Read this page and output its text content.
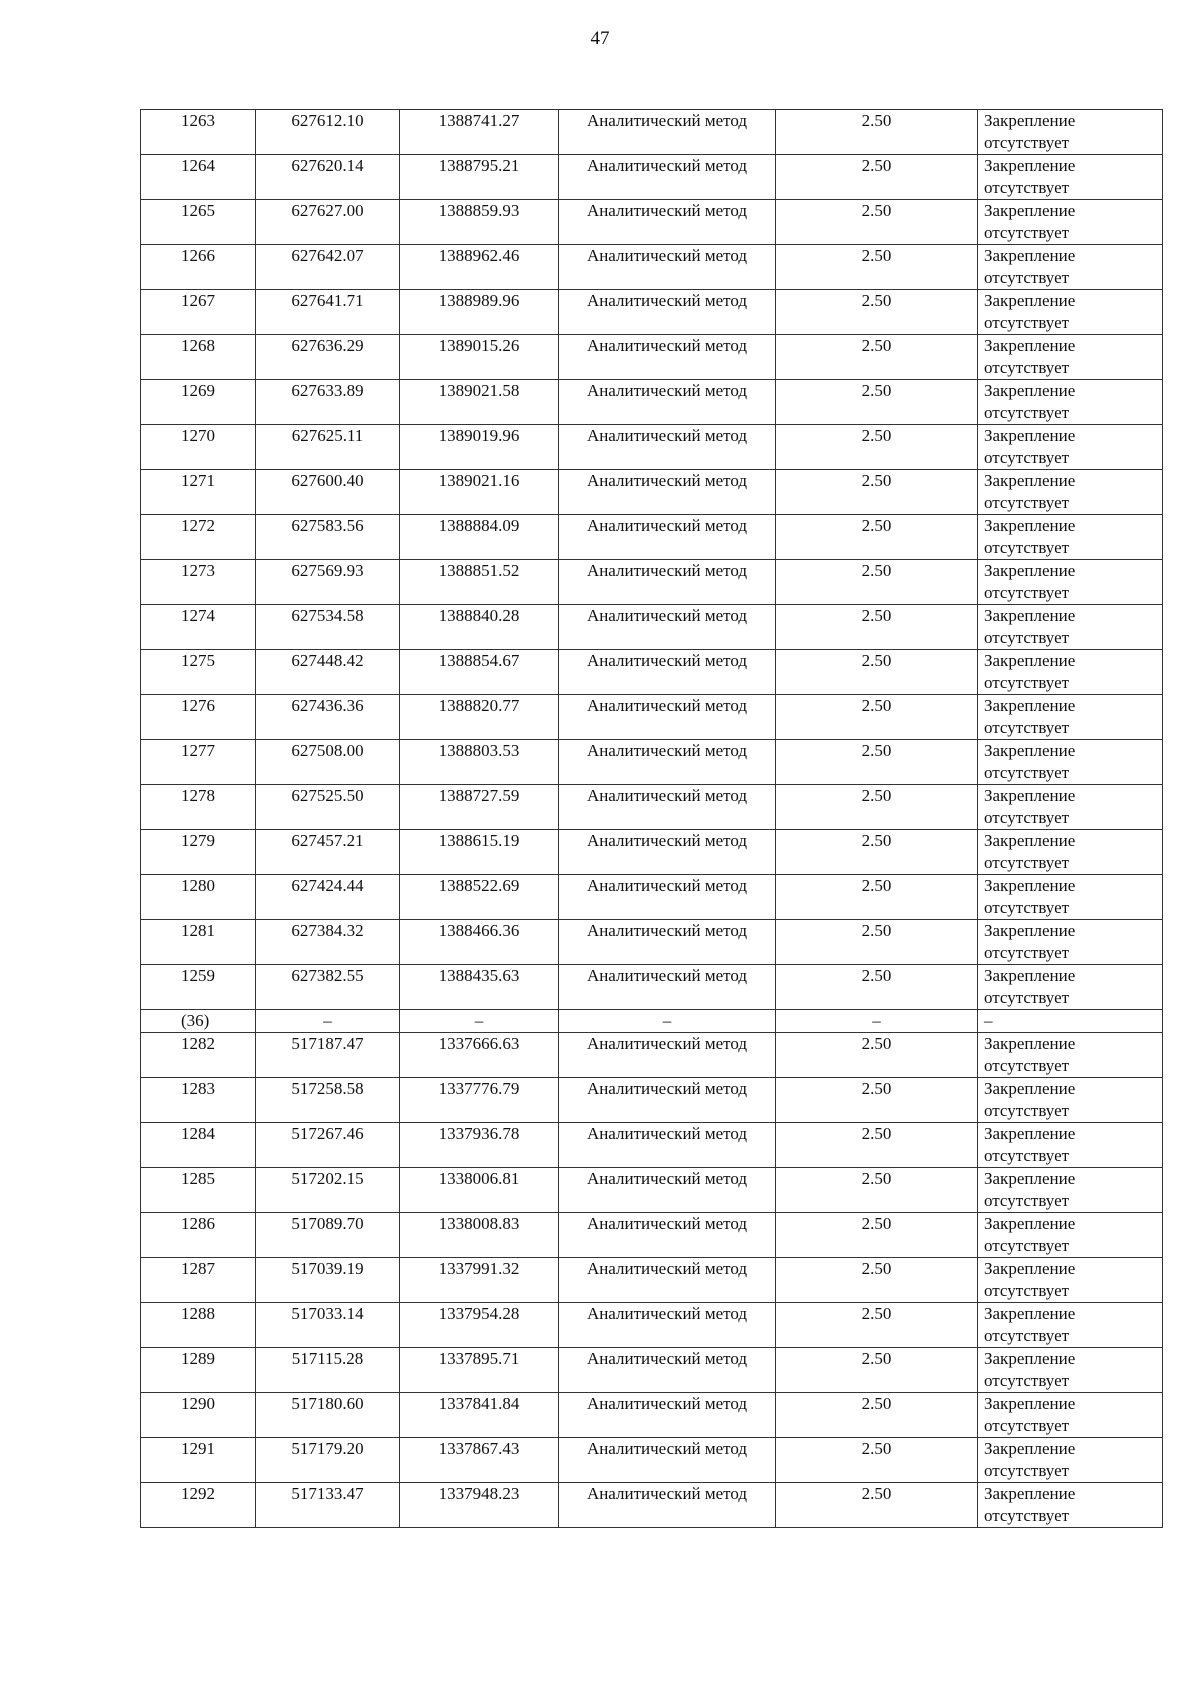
47
1263	627612.10	1388741.27	Аналитический метод	2.50	Закрепление отсутствует
1264	627620.14	1388795.21	Аналитический метод	2.50	Закрепление отсутствует
1265	627627.00	1388859.93	Аналитический метод	2.50	Закрепление отсутствует
1266	627642.07	1388962.46	Аналитический метод	2.50	Закрепление отсутствует
1267	627641.71	1388989.96	Аналитический метод	2.50	Закрепление отсутствует
1268	627636.29	1389015.26	Аналитический метод	2.50	Закрепление отсутствует
1269	627633.89	1389021.58	Аналитический метод	2.50	Закрепление отсутствует
1270	627625.11	1389019.96	Аналитический метод	2.50	Закрепление отсутствует
1271	627600.40	1389021.16	Аналитический метод	2.50	Закрепление отсутствует
1272	627583.56	1388884.09	Аналитический метод	2.50	Закрепление отсутствует
1273	627569.93	1388851.52	Аналитический метод	2.50	Закрепление отсутствует
1274	627534.58	1388840.28	Аналитический метод	2.50	Закрепление отсутствует
1275	627448.42	1388854.67	Аналитический метод	2.50	Закрепление отсутствует
1276	627436.36	1388820.77	Аналитический метод	2.50	Закрепление отсутствует
1277	627508.00	1388803.53	Аналитический метод	2.50	Закрепление отсутствует
1278	627525.50	1388727.59	Аналитический метод	2.50	Закрепление отсутствует
1279	627457.21	1388615.19	Аналитический метод	2.50	Закрепление отсутствует
1280	627424.44	1388522.69	Аналитический метод	2.50	Закрепление отсутствует
1281	627384.32	1388466.36	Аналитический метод	2.50	Закрепление отсутствует
1259	627382.55	1388435.63	Аналитический метод	2.50	Закрепление отсутствует
(36)	–	–	–	–	–
1282	517187.47	1337666.63	Аналитический метод	2.50	Закрепление отсутствует
1283	517258.58	1337776.79	Аналитический метод	2.50	Закрепление отсутствует
1284	517267.46	1337936.78	Аналитический метод	2.50	Закрепление отсутствует
1285	517202.15	1338006.81	Аналитический метод	2.50	Закрепление отсутствует
1286	517089.70	1338008.83	Аналитический метод	2.50	Закрепление отсутствует
1287	517039.19	1337991.32	Аналитический метод	2.50	Закрепление отсутствует
1288	517033.14	1337954.28	Аналитический метод	2.50	Закрепление отсутствует
1289	517115.28	1337895.71	Аналитический метод	2.50	Закрепление отсутствует
1290	517180.60	1337841.84	Аналитический метод	2.50	Закрепление отсутствует
1291	517179.20	1337867.43	Аналитический метод	2.50	Закрепление отсутствует
1292	517133.47	1337948.23	Аналитический метод	2.50	Закрепление отсутствует
